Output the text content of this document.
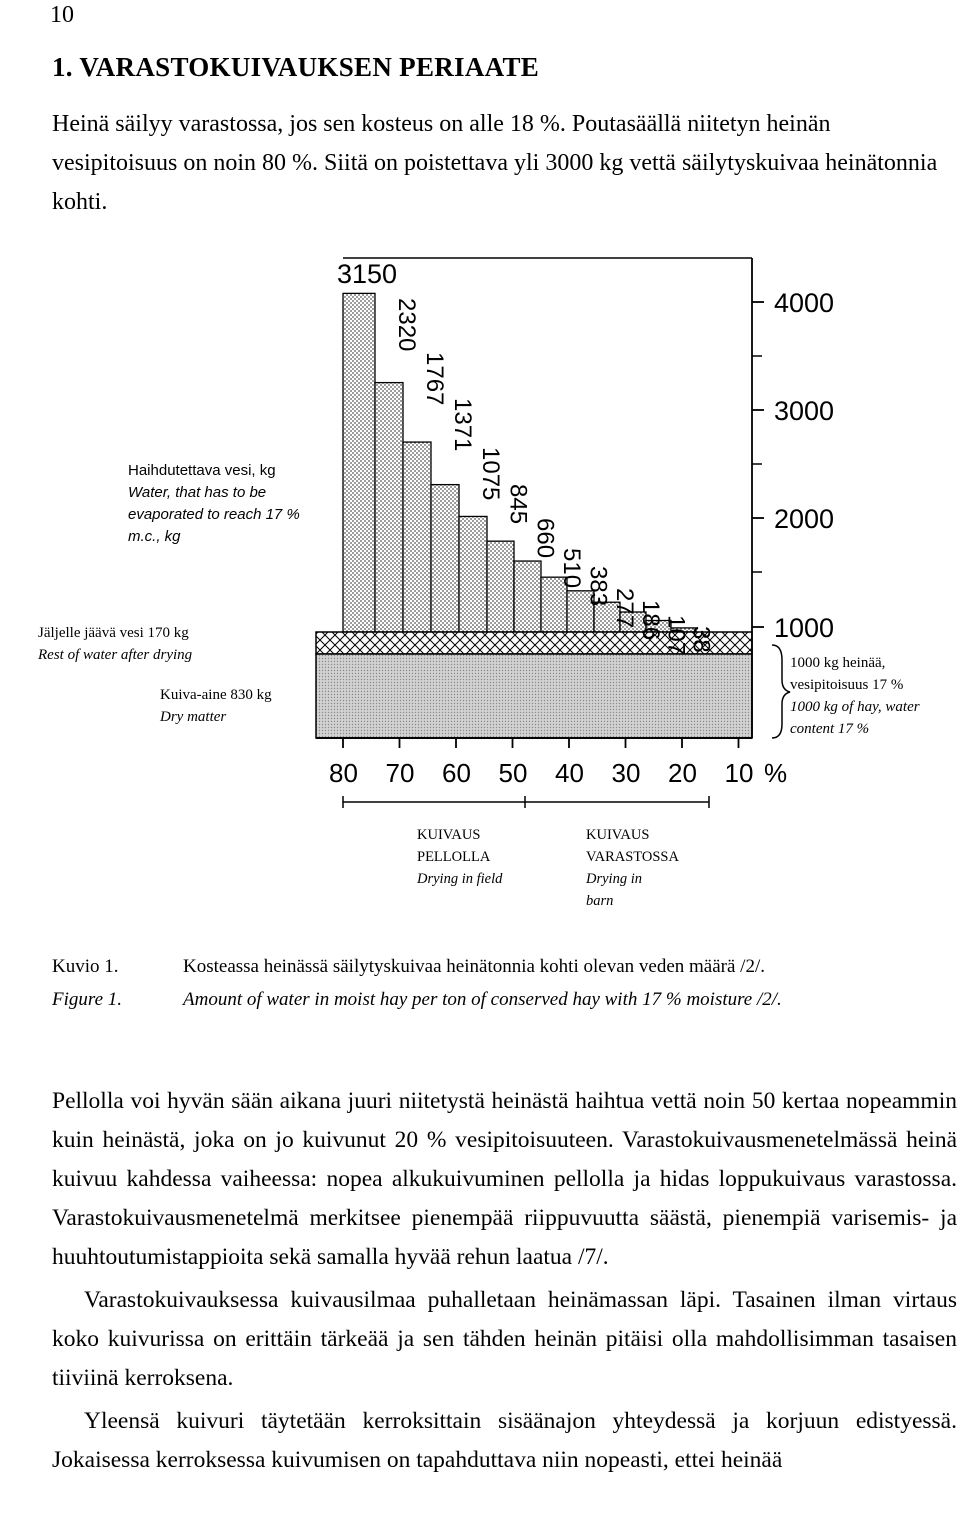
10
1. VARASTOKUIVAUKSEN PERIAATE

Heinä säilyy varastossa, jos sen kosteus on alle 18 %. Poutasäällä niitetyn heinän vesipitoisuus on noin 80 %. Siitä on poistettava yli 3000 kg vettä säilytyskuivaa heinätonnia kohti.

Haihdutettava vesi, kg
Water, that has to be evaporated to reach 17 % m.c., kg
Jäljelle jäävä vesi 170 kg
Rest of water after drying
Kuiva-aine 830 kg
Dry matter
1000 kg heinää, vesipitoisuus 17 %
1000 kg of hay, water content 17 %
2320
1767
1371
1075
845
660
510 383
277 186
107
38
80 70 60 50 40 30 20 10
1000
2000
3000
4000
3150
%
KUIVAUS PELLOLLA
Drying in field
KUIVAUS VARASTOSSA
Drying in barn
Kuvio 1.	Kosteassa heinässä säilytyskuivaa heinätonnia kohti olevan veden määrä /2/.
Figure 1.	Amount of water in moist hay per ton of conserved hay with 17 % moisture /2/.

Pellolla voi hyvän sään aikana juuri niitetystä heinästä haihtua vettä noin 50 kertaa nopeammin kuin heinästä, joka on jo kuivunut 20 % vesipitoisuuteen. Varastokuivausmenetelmässä heinä kuivuu kahdessa vaiheessa: nopea alkukuivuminen pellolla ja hidas loppukuivaus varastossa. Varastokuivausmenetelmä merkitsee pienempää riippuvuutta säästä, pienempiä varisemis- ja huuhtoutumistappioita sekä samalla hyvää rehun laatua /7/.

Varastokuivauksessa kuivausilmaa puhalletaan heinämassan läpi. Tasainen ilman virtaus koko kuivurissa on erittäin tärkeää ja sen tähden heinän pitäisi olla mahdollisimman tasaisen tiiviinä kerroksena.

Yleensä kuivuri täytetään kerroksittain sisäänajon yhteydessä ja korjuun edistyessä. Jokaisessa kerroksessa kuivumisen on tapahduttava niin nopeasti, ettei heinää
